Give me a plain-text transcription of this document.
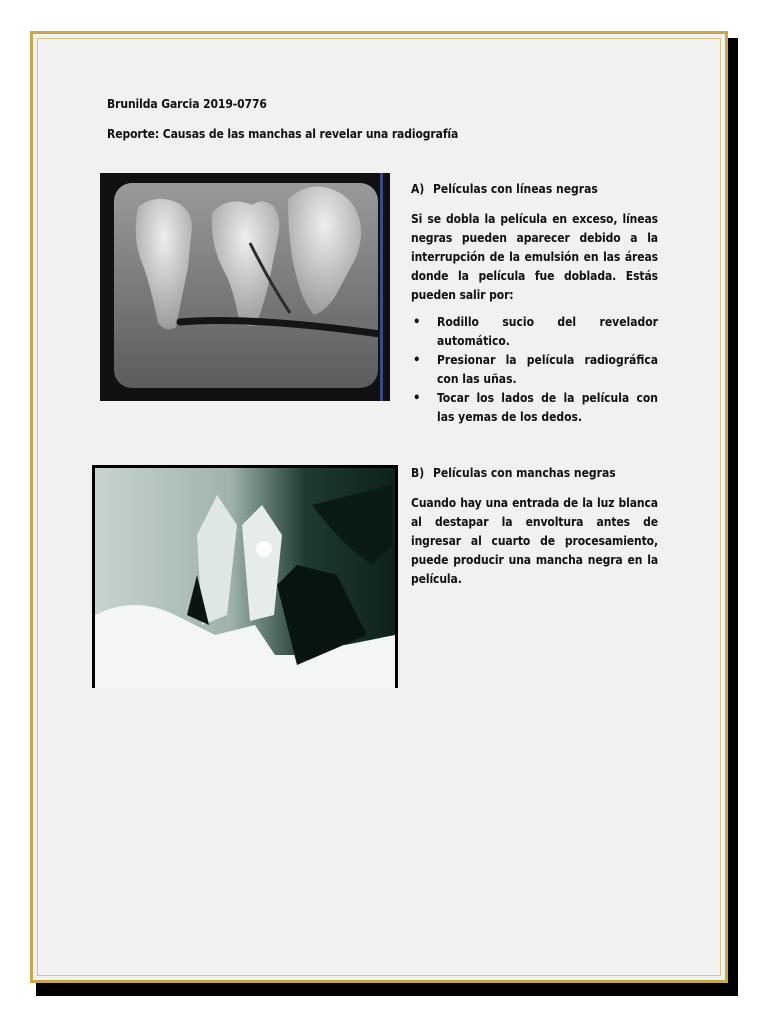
Brunilda Garcia 2019-0776
Reporte: Causas de las manchas al revelar una radiografía
A) Películas con líneas negras
Si se dobla la película en exceso, líneas negras pueden aparecer debido a la interrupción de la emulsión en las áreas donde la película fue doblada. Estás pueden salir por:
• Rodillo sucio del revelador automático.
• Presionar la película radiográfica con las uñas.
• Tocar los lados de la película con las yemas de los dedos.
B) Películas con manchas negras
Cuando hay una entrada de la luz blanca al destapar la envoltura antes de ingresar al cuarto de procesamiento, puede producir una mancha negra en la película.
